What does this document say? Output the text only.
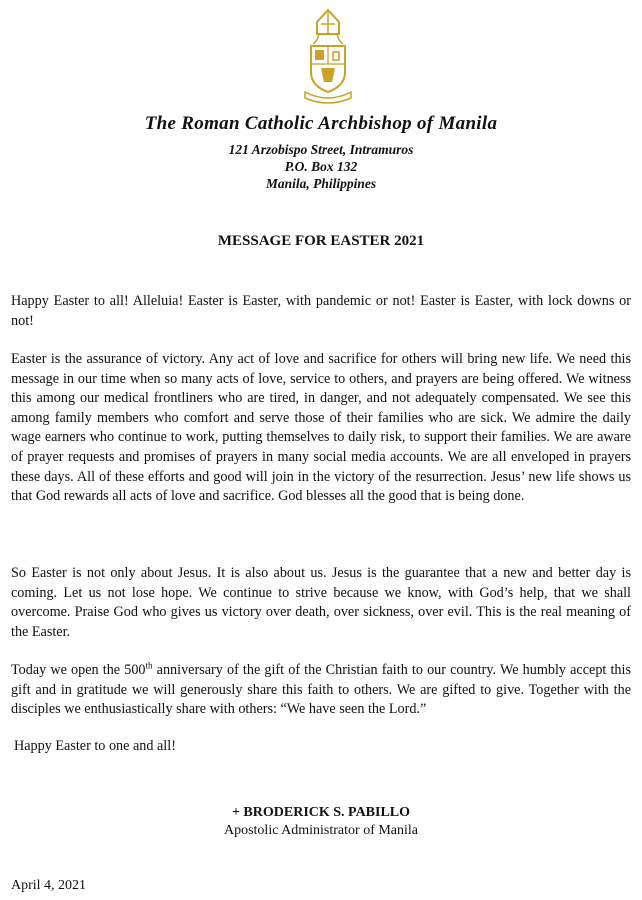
The Roman Catholic Archbishop of Manila
121 Arzobispo Street, Intramuros
P.O. Box 132
Manila, Philippines
MESSAGE FOR EASTER 2021

Happy Easter to all! Alleluia! Easter is Easter, with pandemic or not! Easter is Easter, with lock downs or not!

Easter is the assurance of victory. Any act of love and sacrifice for others will bring new life. We need this message in our time when so many acts of love, service to others, and prayers are being offered. We witness this among our medical frontliners who are tired, in danger, and not adequately compensated. We see this among family members who comfort and serve those of their families who are sick. We admire the daily wage earners who continue to work, putting themselves to daily risk, to support their families. We are aware of prayer requests and promises of prayers in many social media accounts. We are all enveloped in prayers these days. All of these efforts and good will join in the victory of the resurrection. Jesus’ new life shows us that God rewards all acts of love and sacrifice. God blesses all the good that is being done.

So Easter is not only about Jesus. It is also about us. Jesus is the guarantee that a new and better day is coming. Let us not lose hope. We continue to strive because we know, with God’s help, that we shall overcome. Praise God who gives us victory over death, over sickness, over evil. This is the real meaning of the Easter.

Today we open the 500th anniversary of the gift of the Christian faith to our country. We humbly accept this gift and in gratitude we will generously share this faith to others. We are gifted to give. Together with the disciples we enthusiastically share with others: “We have seen the Lord.”

Happy Easter to one and all!

+ BRODERICK S. PABILLO
Apostolic Administrator of Manila
April 4, 2021
